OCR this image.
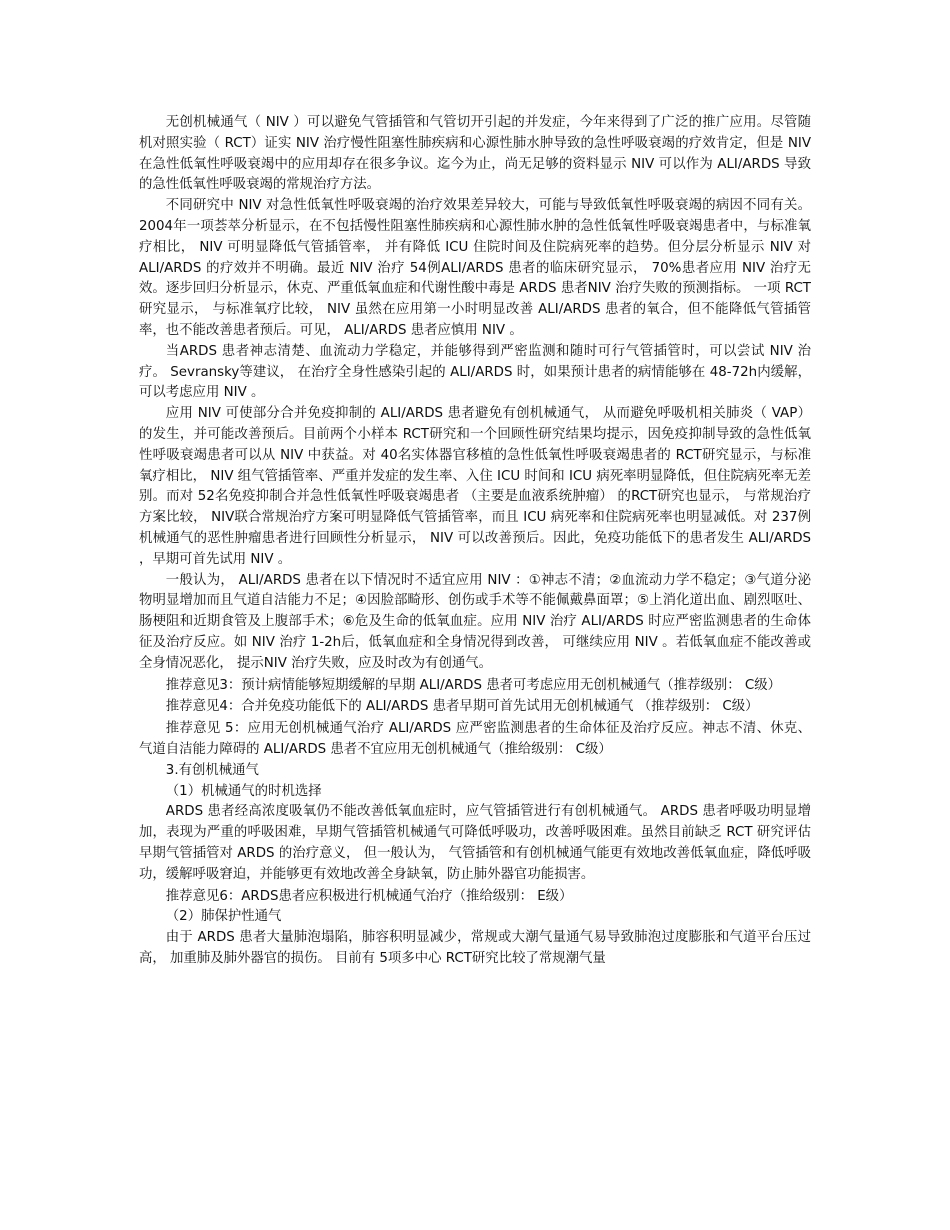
无创机械通气（ NIV ）可以避免气管插管和气管切开引起的并发症，今年来得到了广泛的推广应用。尽管随机对照实验（ RCT）证实 NIV 治疗慢性阻塞性肺疾病和心源性肺水肿导致的急性呼吸衰竭的疗效肯定，但是 NIV 在急性低氧性呼吸衰竭中的应用却存在很多争议。迄今为止，尚无足够的资料显示 NIV 可以作为 ALI/ARDS 导致的急性低氧性呼吸衰竭的常规治疗方法。

不同研究中 NIV 对急性低氧性呼吸衰竭的治疗效果差异较大，可能与导致低氧性呼吸衰竭的病因不同有关。 2004年一项荟萃分析显示，在不包括慢性阻塞性肺疾病和心源性肺水肿的急性低氧性呼吸衰竭患者中，与标准氧疗相比， NIV 可明显降低气管插管率， 并有降低 ICU 住院时间及住院病死率的趋势。但分层分析显示 NIV 对ALI/ARDS 的疗效并不明确。最近 NIV 治疗 54例ALI/ARDS 患者的临床研究显示， 70%患者应用 NIV 治疗无效。逐步回归分析显示，休克、严重低氧血症和代谢性酸中毒是 ARDS 患者NIV 治疗失败的预测指标。 一项 RCT研究显示， 与标准氧疗比较， NIV 虽然在应用第一小时明显改善 ALI/ARDS 患者的氧合，但不能降低气管插管率，也不能改善患者预后。可见， ALI/ARDS 患者应慎用 NIV 。

当ARDS 患者神志清楚、血流动力学稳定，并能够得到严密监测和随时可行气管插管时，可以尝试 NIV 治疗。 Sevransky等建议， 在治疗全身性感染引起的 ALI/ARDS 时，如果预计患者的病情能够在 48-72h内缓解，可以考虑应用 NIV 。

应用 NIV 可使部分合并免疫抑制的 ALI/ARDS 患者避免有创机械通气， 从而避免呼吸机相关肺炎（ VAP）的发生，并可能改善预后。目前两个小样本 RCT研究和一个回顾性研究结果均提示，因免疫抑制导致的急性低氧性呼吸衰竭患者可以从 NIV 中获益。对 40名实体器官移植的急性低氧性呼吸衰竭患者的 RCT研究显示，与标准氧疗相比， NIV 组气管插管率、严重并发症的发生率、入住 ICU 时间和 ICU 病死率明显降低，但住院病死率无差别。而对 52名免疫抑制合并急性低氧性呼吸衰竭患者 （主要是血液系统肿瘤） 的RCT研究也显示， 与常规治疗方案比较， NIV联合常规治疗方案可明显降低气管插管率，而且 ICU 病死率和住院病死率也明显减低。对 237例机械通气的恶性肿瘤患者进行回顾性分析显示， NIV 可以改善预后。因此，免疫功能低下的患者发生 ALI/ARDS ，早期可首先试用 NIV 。

一般认为， ALI/ARDS 患者在以下情况时不适宜应用 NIV ：①神志不清；②血流动力学不稳定；③气道分泌物明显增加而且气道自洁能力不足；④因脸部畸形、创伤或手术等不能佩戴鼻面罩；⑤上消化道出血、剧烈呕吐、肠梗阻和近期食管及上腹部手术；⑥危及生命的低氧血症。应用 NIV 治疗 ALI/ARDS 时应严密监测患者的生命体征及治疗反应。如 NIV 治疗 1-2h后，低氧血症和全身情况得到改善， 可继续应用 NIV 。若低氧血症不能改善或全身情况恶化， 提示NIV 治疗失败，应及时改为有创通气。

推荐意见3：预计病情能够短期缓解的早期 ALI/ARDS 患者可考虑应用无创机械通气（推荐级别： C级）

推荐意见4：合并免疫功能低下的 ALI/ARDS 患者早期可首先试用无创机械通气 （推荐级别： C级）

推荐意见 5：应用无创机械通气治疗 ALI/ARDS 应严密监测患者的生命体征及治疗反应。神志不清、休克、气道自洁能力障碍的 ALI/ARDS 患者不宜应用无创机械通气（推给级别： C级）

3.有创机械通气

（1）机械通气的时机选择

ARDS 患者经高浓度吸氧仍不能改善低氧血症时，应气管插管进行有创机械通气。 ARDS 患者呼吸功明显增加，表现为严重的呼吸困难，早期气管插管机械通气可降低呼吸功，改善呼吸困难。虽然目前缺乏 RCT 研究评估早期气管插管对 ARDS 的治疗意义， 但一般认为， 气管插管和有创机械通气能更有效地改善低氧血症，降低呼吸功，缓解呼吸窘迫，并能够更有效地改善全身缺氧，防止肺外器官功能损害。

推荐意见6：ARDS患者应积极进行机械通气治疗（推给级别： E级）

（2）肺保护性通气

由于 ARDS 患者大量肺泡塌陷，肺容积明显减少，常规或大潮气量通气易导致肺泡过度膨胀和气道平台压过高， 加重肺及肺外器官的损伤。 目前有 5项多中心 RCT研究比较了常规潮气量
